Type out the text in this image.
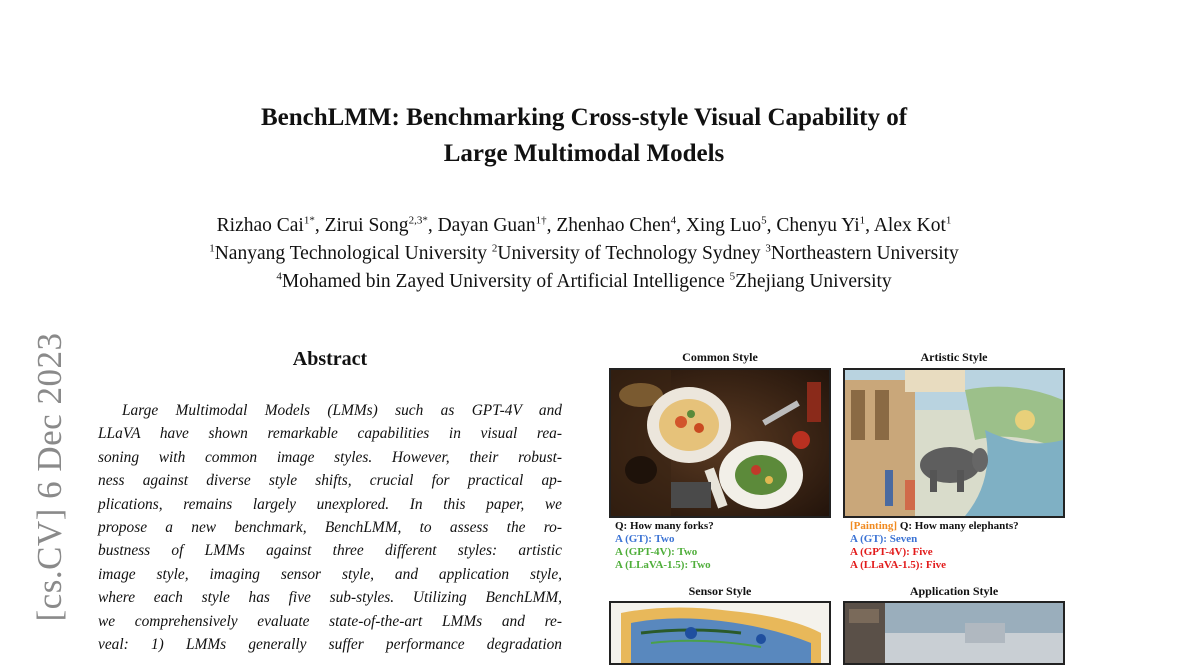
[cs.CV] 6 Dec 2023
BenchLMM: Benchmarking Cross-style Visual Capability of
Large Multimodal Models
Rizhao Cai$^{1*}$, Zirui Song$^{2,3*}$, Dayan Guan$^{1\dagger}$, Zhenhao Chen$^4$, Xing Luo$^5$, Chenyu Yi$^1$, Alex Kot$^1$
$^1$Nanyang Technological University $^2$University of Technology Sydney $^3$Northeastern University
$^4$Mohamed bin Zayed University of Artificial Intelligence $^5$Zhejiang University
Abstract
Large Multimodal Models (LMMs) such as GPT-4V and
LLaVA have shown remarkable capabilities in visual rea-
soning with common image styles. However, their robust-
ness against diverse style shifts, crucial for practical ap-
plications, remains largely unexplored. In this paper, we
propose a new benchmark, BenchLMM, to assess the ro-
bustness of LMMs against three different styles: artistic
image style, imaging sensor style, and application style,
where each style has five sub-styles. Utilizing BenchLMM,
we comprehensively evaluate state-of-the-art LMMs and re-
veal: 1) LMMs generally suffer performance degradation
Common Style
Q: How many forks?
A (GT): Two
A (GPT-4V): Two
A (LLaVA-1.5): Two
Artistic Style
[Painting] Q: How many elephants?
A (GT): Seven
A (GPT-4V): Five
A (LLaVA-1.5): Five
Sensor Style	Application Style
